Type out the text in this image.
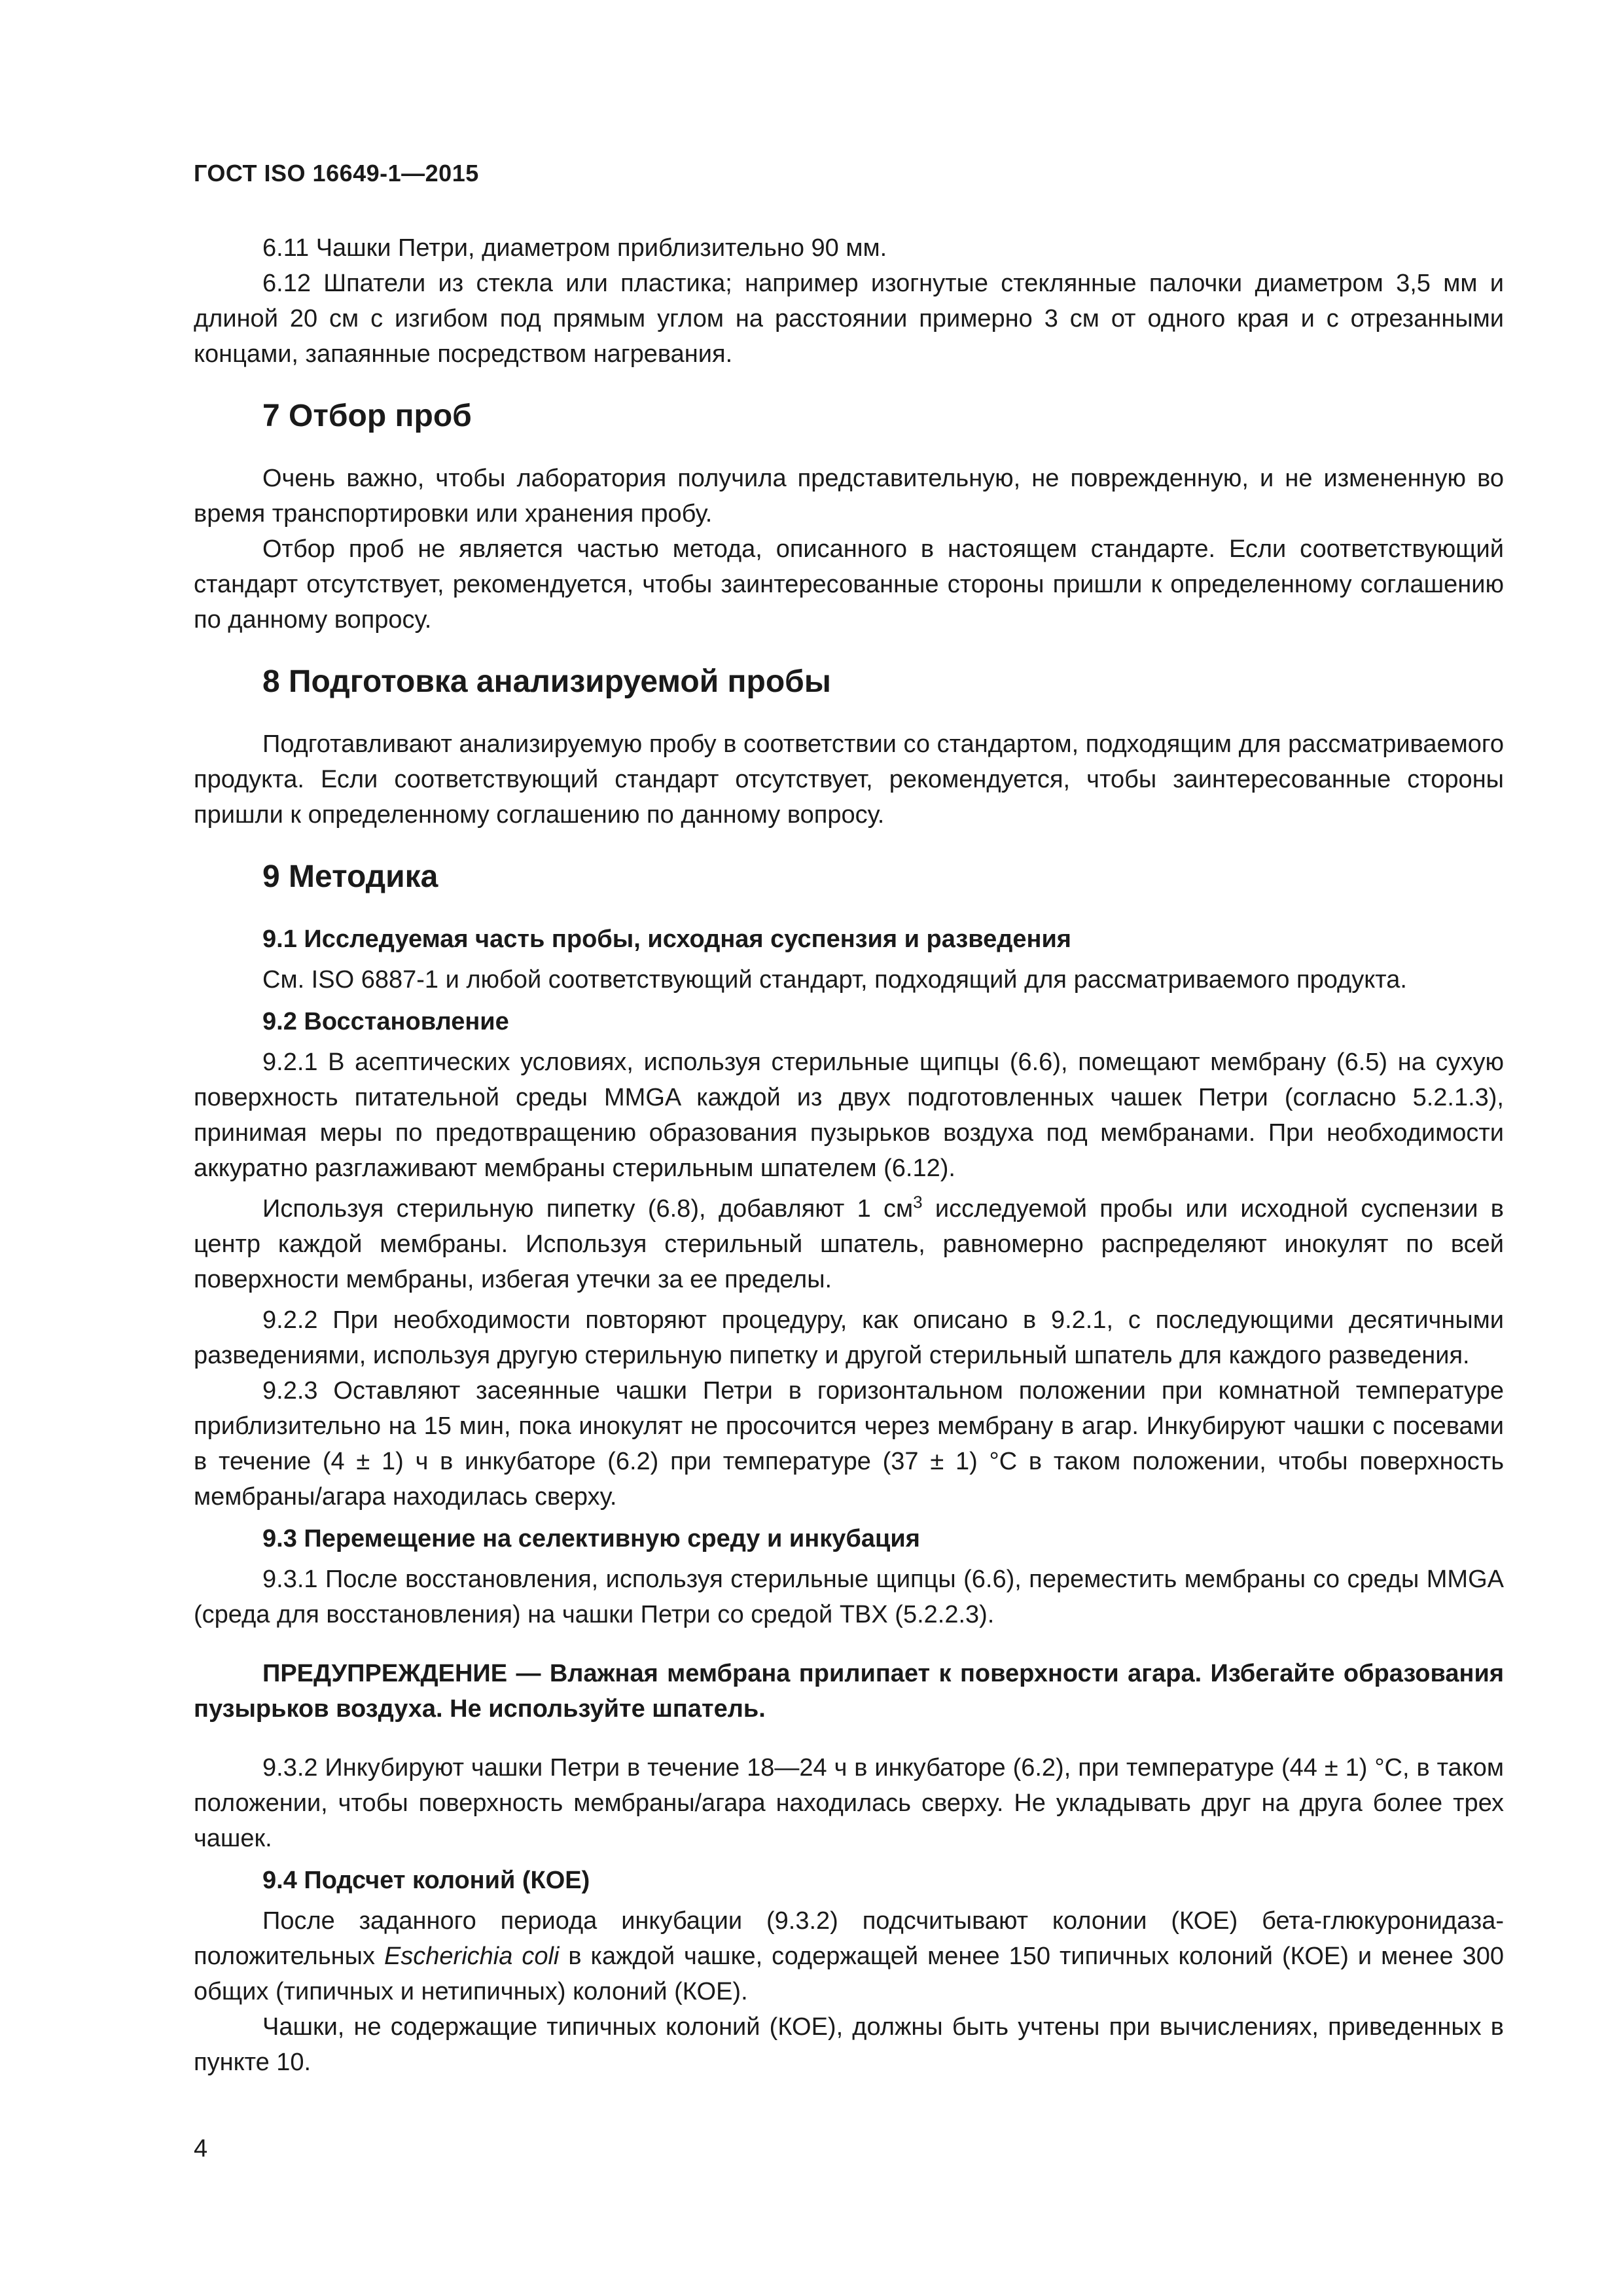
ГОСТ ISO 16649-1—2015

6.11 Чашки Петри, диаметром приблизительно 90 мм.

6.12 Шпатели из стекла или пластика; например изогнутые стеклянные палочки диаметром 3,5 мм и длиной 20 см с изгибом под прямым углом на расстоянии примерно 3 см от одного края и с отрезанными концами, запаянные посредством нагревания.

7 Отбор проб

Очень важно, чтобы лаборатория получила представительную, не поврежденную, и не измененную во время транспортировки или хранения пробу.

Отбор проб не является частью метода, описанного в настоящем стандарте. Если соответствующий стандарт отсутствует, рекомендуется, чтобы заинтересованные стороны пришли к определенному соглашению по данному вопросу.

8 Подготовка анализируемой пробы

Подготавливают анализируемую пробу в соответствии со стандартом, подходящим для рассматриваемого продукта. Если соответствующий стандарт отсутствует, рекомендуется, чтобы заинтересованные стороны пришли к определенному соглашению по данному вопросу.

9 Методика
9.1 Исследуемая часть пробы, исходная суспензия и разведения

См. ISO 6887-1 и любой соответствующий стандарт, подходящий для рассматриваемого продукта.

9.2 Восстановление

9.2.1 В асептических условиях, используя стерильные щипцы (6.6), помещают мембрану (6.5) на сухую поверхность питательной среды MMGA каждой из двух подготовленных чашек Петри (согласно 5.2.1.3), принимая меры по предотвращению образования пузырьков воздуха под мембранами. При необходимости аккуратно разглаживают мембраны стерильным шпателем (6.12).

Используя стерильную пипетку (6.8), добавляют 1 $см^3$ исследуемой пробы или исходной суспензии в центр каждой мембраны. Используя стерильный шпатель, равномерно распределяют инокулят по всей поверхности мембраны, избегая утечки за ее пределы.

9.2.2 При необходимости повторяют процедуру, как описано в 9.2.1, с последующими десятичными разведениями, используя другую стерильную пипетку и другой стерильный шпатель для каждого разведения.

9.2.3 Оставляют засеянные чашки Петри в горизонтальном положении при комнатной температуре приблизительно на 15 мин, пока инокулят не просочится через мембрану в агар. Инкубируют чашки с посевами в течение (4 ± 1) ч в инкубаторе (6.2) при температуре (37 ± 1) °С в таком положении, чтобы поверхность мембраны/агара находилась сверху.

9.3 Перемещение на селективную среду и инкубация

9.3.1 После восстановления, используя стерильные щипцы (6.6), переместить мембраны со среды MMGA (среда для восстановления) на чашки Петри со средой TBX (5.2.2.3).

ПРЕДУПРЕЖДЕНИЕ — Влажная мембрана прилипает к поверхности агара. Избегайте образования пузырьков воздуха. Не используйте шпатель.

9.3.2 Инкубируют чашки Петри в течение 18—24 ч в инкубаторе (6.2), при температуре (44 ± 1) °С, в таком положении, чтобы поверхность мембраны/агара находилась сверху. Не укладывать друг на друга более трех чашек.

9.4 Подсчет колоний (КОЕ)

После заданного периода инкубации (9.3.2) подсчитывают колонии (КОЕ) бета-глюкуронидаза-положительных Escherichia coli в каждой чашке, содержащей менее 150 типичных колоний (КОЕ) и менее 300 общих (типичных и нетипичных) колоний (КОЕ).

Чашки, не содержащие типичных колоний (КОЕ), должны быть учтены при вычислениях, приведенных в пункте 10.

4
